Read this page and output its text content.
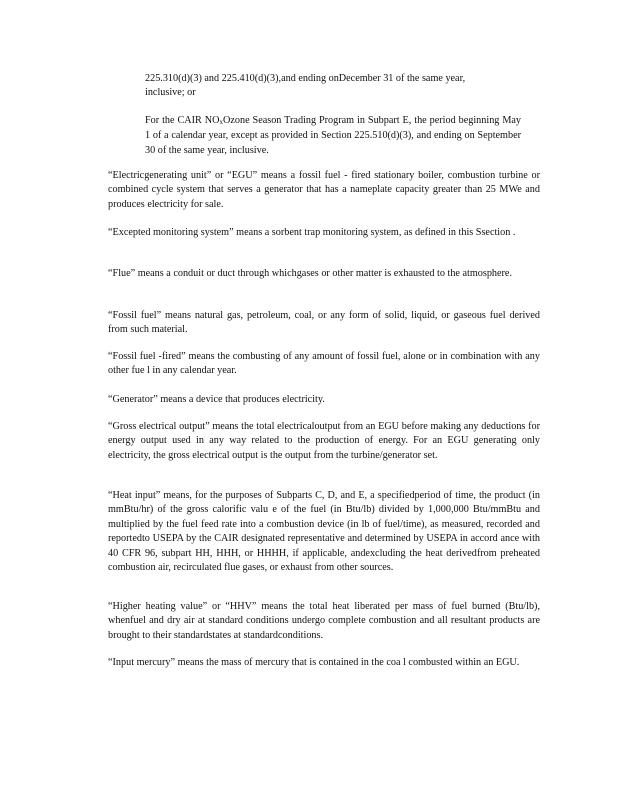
225.310(d)(3) and 225.410(d)(3),and ending onDecember 31 of the same year,
inclusive; or
For the CAIR NOxOzone Season Trading Program in Subpart E, the period beginning May 1 of a calendar year, except as provided in Section 225.510(d)(3), and ending on September 30 of the same year, inclusive.
“Electricgenerating unit” or “EGU” means a fossil fuel - fired stationary boiler, combustion turbine or combined cycle system that serves a generator that has a nameplate capacity greater than 25 MWe and produces electricity for sale.
“Excepted monitoring system” means a sorbent trap monitoring system, as defined in this Ssection .
“Flue” means a conduit or duct through whichgases or other matter is exhausted to the atmosphere.
“Fossil fuel” means natural gas, petroleum, coal, or any form of solid, liquid, or gaseous fuel derived from such material.
“Fossil fuel -fired” means the combusting of any amount of fossil fuel, alone or in combination with any other fue l in any calendar year.
“Generator” means a device that produces electricity.
“Gross electrical output” means the total electricaloutput from an EGU before making any deductions for energy output used in any way related to the production of energy. For an EGU generating only electricity, the gross electrical output is the output from the turbine/generator set.
“Heat input” means, for the purposes of Subparts C, D, and E, a specifiedperiod of time, the product (in mmBtu/hr) of the gross calorific valu e of the fuel (in Btu/lb) divided by 1,000,000 Btu/mmBtu and multiplied by the fuel feed rate into a combustion device (in lb of fuel/time), as measured, recorded and reportedto USEPA by the CAIR designated representative and determined by USEPA in accord ance with 40 CFR 96, subpart HH, HHH, or HHHH, if applicable, andexcluding the heat derivedfrom preheated combustion air, recirculated flue gases, or exhaust from other sources.
“Higher heating value” or “HHV” means the total heat liberated per mass of fuel burned (Btu/lb), whenfuel and dry air at standard conditions undergo complete combustion and all resultant products are brought to their standardstates at standardconditions.
“Input mercury” means the mass of mercury that is contained in the coa l combusted within an EGU.
